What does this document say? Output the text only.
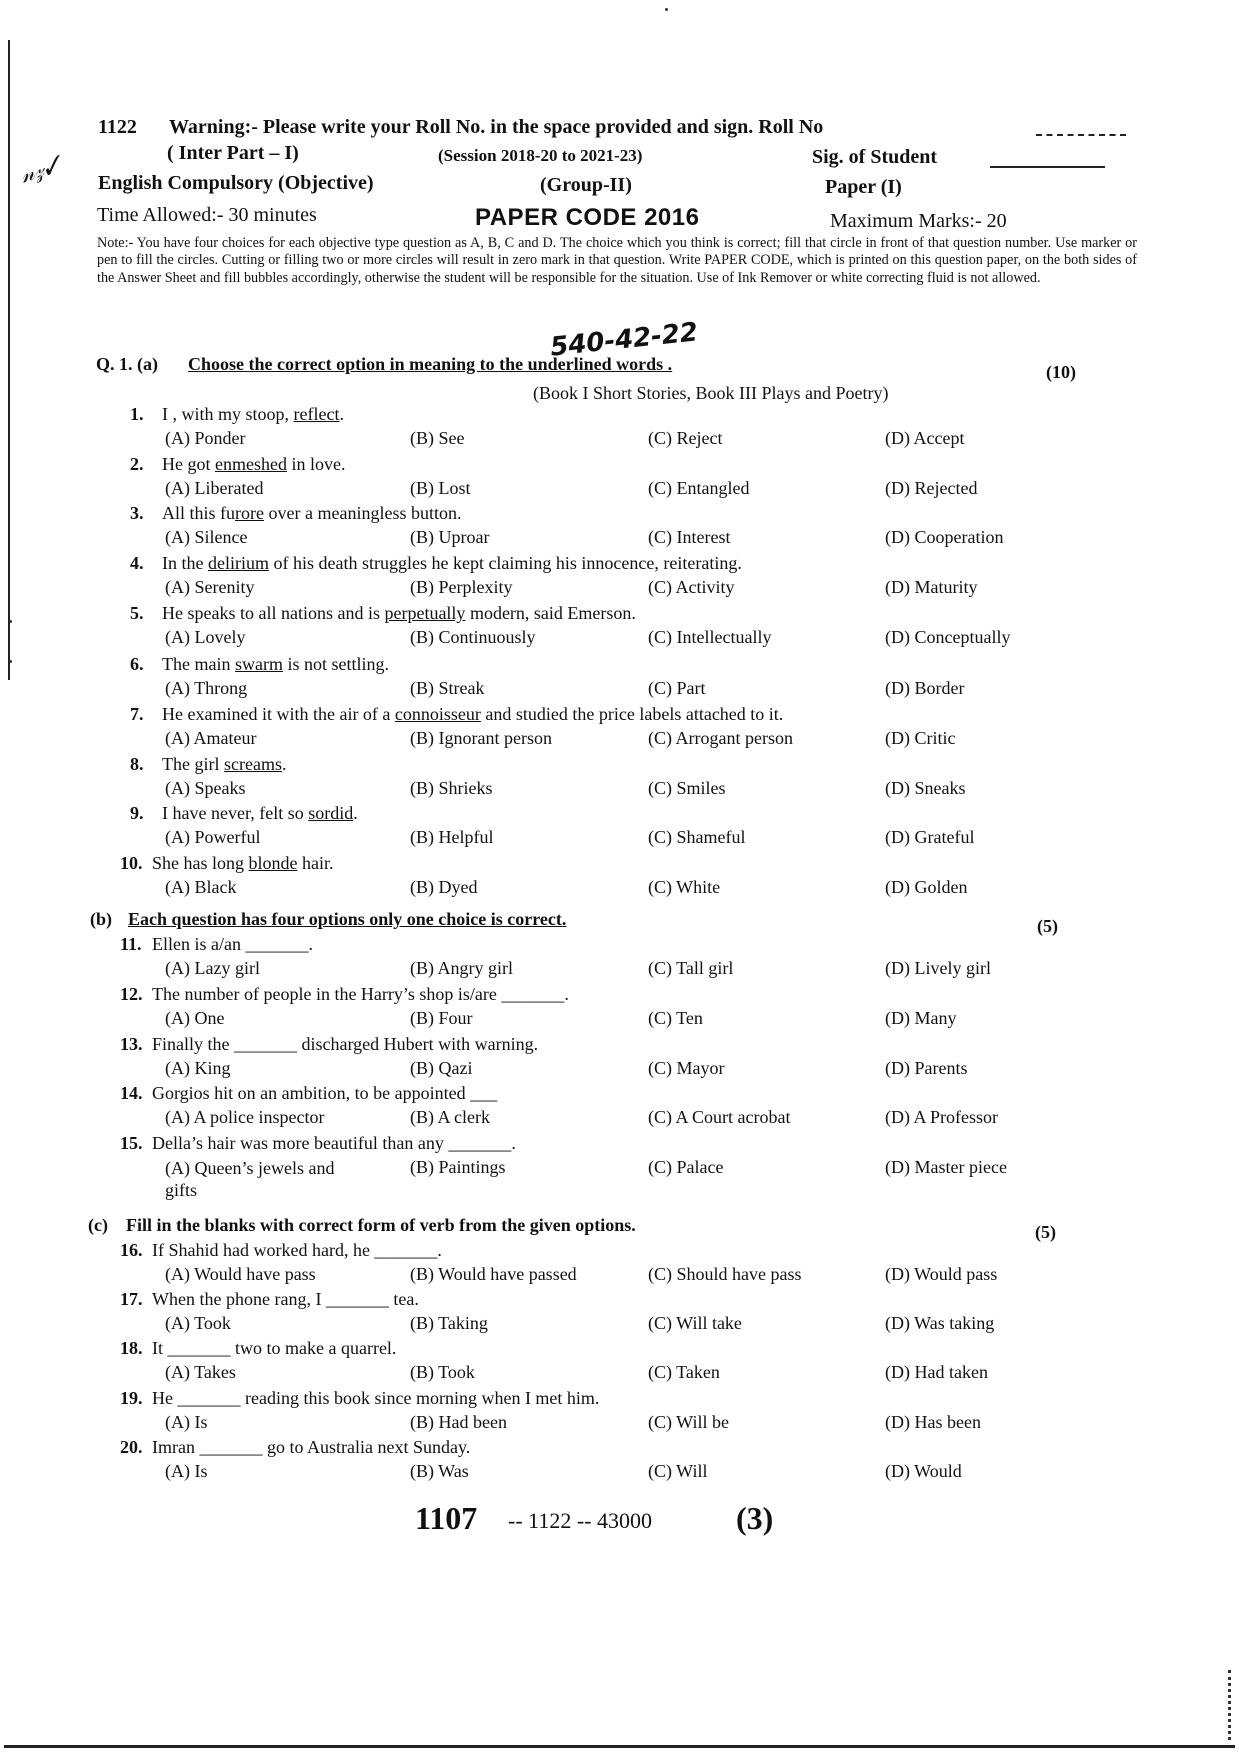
𝓃𝓏✓
1122 Warning:- Please write your Roll No. in the space provided and sign. Roll No
( Inter Part – I)	(Session 2018-20 to 2021-23)	Sig. of Student
English Compulsory (Objective)	(Group-II)	Paper (I)
Time Allowed:- 30 minutes	PAPER CODE 2016	Maximum Marks:- 20
Note:- You have four choices for each objective type question as A, B, C and D. The choice which you think is correct; fill that circle in front of that question number. Use marker or pen to fill the circles. Cutting or filling two or more circles will result in zero mark in that question. Write PAPER CODE, which is printed on this question paper, on the both sides of the Answer Sheet and fill bubbles accordingly, otherwise the student will be responsible for the situation. Use of Ink Remover or white correcting fluid is not allowed.
540-42-22
Q. 1. (a) Choose the correct option in meaning to the underlined words .	(10)
(Book I Short Stories, Book III Plays and Poetry)
(b) Each question has four options only one choice is correct.	(5)
(c) Fill in the blanks with correct form of verb from the given options.	(5)
1. I , with my stoop, reflect.
(A) Ponder	(B) See	(C) Reject	(D) Accept
2. He got enmeshed in love.
(A) Liberated	(B) Lost	(C) Entangled	(D) Rejected
3. All this furore over a meaningless button.
(A) Silence	(B) Uproar	(C) Interest	(D) Cooperation
4. In the delirium of his death struggles he kept claiming his innocence, reiterating.
(A) Serenity	(B) Perplexity	(C) Activity	(D) Maturity
5. He speaks to all nations and is perpetually modern, said Emerson.
(A) Lovely	(B) Continuously	(C) Intellectually	(D) Conceptually
6. The main swarm is not settling.
(A) Throng	(B) Streak	(C) Part	(D) Border
7. He examined it with the air of a connoisseur and studied the price labels attached to it.
(A) Amateur	(B) Ignorant person	(C) Arrogant person	(D) Critic
8. The girl screams.
(A) Speaks	(B) Shrieks	(C) Smiles	(D) Sneaks
9. I have never, felt so sordid.
(A) Powerful	(B) Helpful	(C) Shameful	(D) Grateful
10. She has long blonde hair.
(A) Black	(B) Dyed	(C) White	(D) Golden
11. Ellen is a/an _______.
(A) Lazy girl	(B) Angry girl	(C) Tall girl	(D) Lively girl
12. The number of people in the Harry’s shop is/are _______.
(A) One	(B) Four	(C) Ten	(D) Many
13. Finally the _______ discharged Hubert with warning.
(A) King	(B) Qazi	(C) Mayor	(D) Parents
14. Gorgios hit on an ambition, to be appointed ___
(A) A police inspector	(B) A clerk	(C) A Court acrobat	(D) A Professor
15. Della’s hair was more beautiful than any _______.
(A) Queen’s jewels and gifts
(B) Paintings	(C) Palace	(D) Master piece
16. If Shahid had worked hard, he _______.
(A) Would have pass	(B) Would have passed	(C) Should have pass	(D) Would pass
17. When the phone rang, I _______ tea.
(A) Took	(B) Taking	(C) Will take	(D) Was taking
18. It _______ two to make a quarrel.
(A) Takes	(B) Took	(C) Taken	(D) Had taken
19. He _______ reading this book since morning when I met him.
(A) Is	(B) Had been	(C) Will be	(D) Has been
20. Imran _______ go to Australia next Sunday.
(A) Is	(B) Was	(C) Will	(D) Would
1107 -- 1122 -- 43000	(3)
